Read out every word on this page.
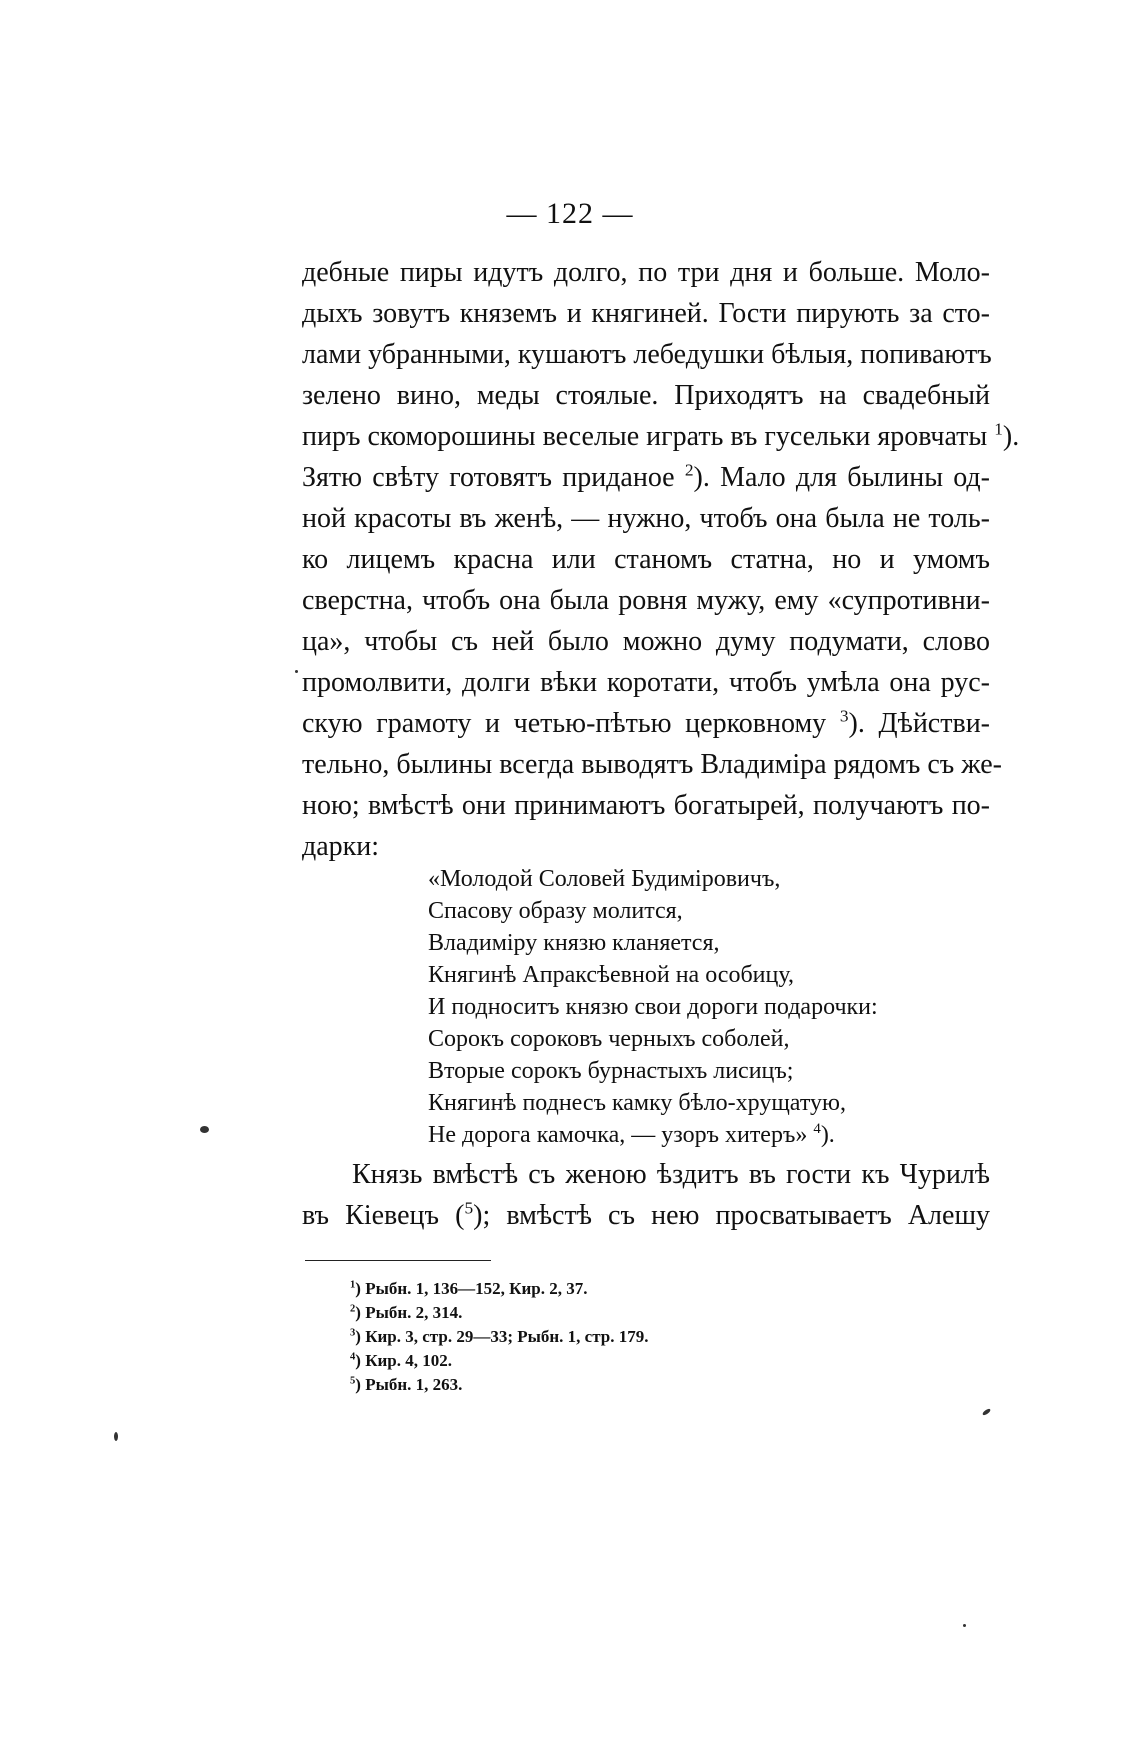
— 122 —
дебные пиры идутъ долго, по три дня и больше. Моло-
дыхъ зовутъ княземъ и княгиней. Гости пирують за сто-
лами убранными, кушаютъ лебедушки бѣлыя, попиваютъ
зелено вино, меды стоялые. Приходятъ на свадебный
пиръ скоморошины веселые играть въ гусельки яровчаты $^1$).
Зятю свѣту готовятъ приданое $^2$). Мало для былины од-
ной красоты въ женѣ, — нужно, чтобъ она была не толь-
ко лицемъ красна или станомъ статна, но и умомъ
сверстна, чтобъ она была ровня мужу, ему «супротивни-
ца», чтобы съ ней было можно думу подумати, слово
промолвити, долги вѣки коротати, чтобъ умѣла она рус-
скую грамоту и четью-пѣтью церковному $^3$). Дѣйстви-
тельно, былины всегда выводятъ Владиміра рядомъ съ же-
ною; вмѣстѣ они принимаютъ богатырей, получаютъ по-
дарки:
«Молодой Соловей Будиміровичъ,
Спасову образу молится,
Владиміру князю кланяется,
Княгинѣ Апраксѣевной на особицу,
И подноситъ князю свои дороги подарочки:
Сорокъ сороковъ черныхъ соболей,
Вторые сорокъ бурнастыхъ лисицъ;
Княгинѣ поднесъ камку бѣло-хрущатую,
Не дорога камочка, — узоръ хитеръ» $^4$).
Князь вмѣстѣ съ женою ѣздитъ въ гости къ Чурилѣ
въ Кіевецъ ($^5$); вмѣстѣ съ нею просватываетъ Алешу
$^1$) Рыбн. 1, 136—152, Кир. 2, 37.
$^2$) Рыбн. 2, 314.
$^3$) Кир. 3, стр. 29—33; Рыбн. 1, стр. 179.
$^4$) Кир. 4, 102.
$^5$) Рыбн. 1, 263.
